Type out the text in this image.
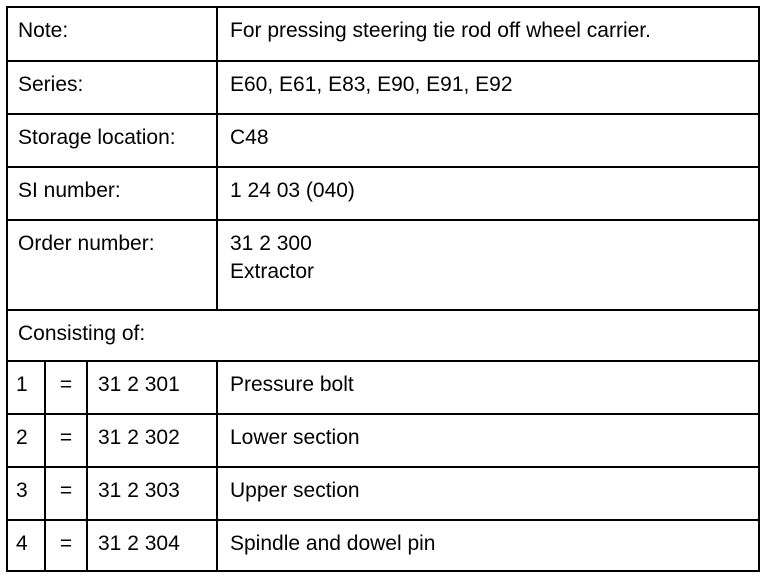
Note:	For pressing steering tie rod off wheel carrier.
Series:	E60, E61, E83, E90, E91, E92
Storage location:	C48
SI number:	1 24 03 (040)
Order number:	31 2 300
Extractor
Consisting of:
1	=	31 2 301	Pressure bolt
2	=	31 2 302	Lower section
3	=	31 2 303	Upper section
4	=	31 2 304	Spindle and dowel pin
